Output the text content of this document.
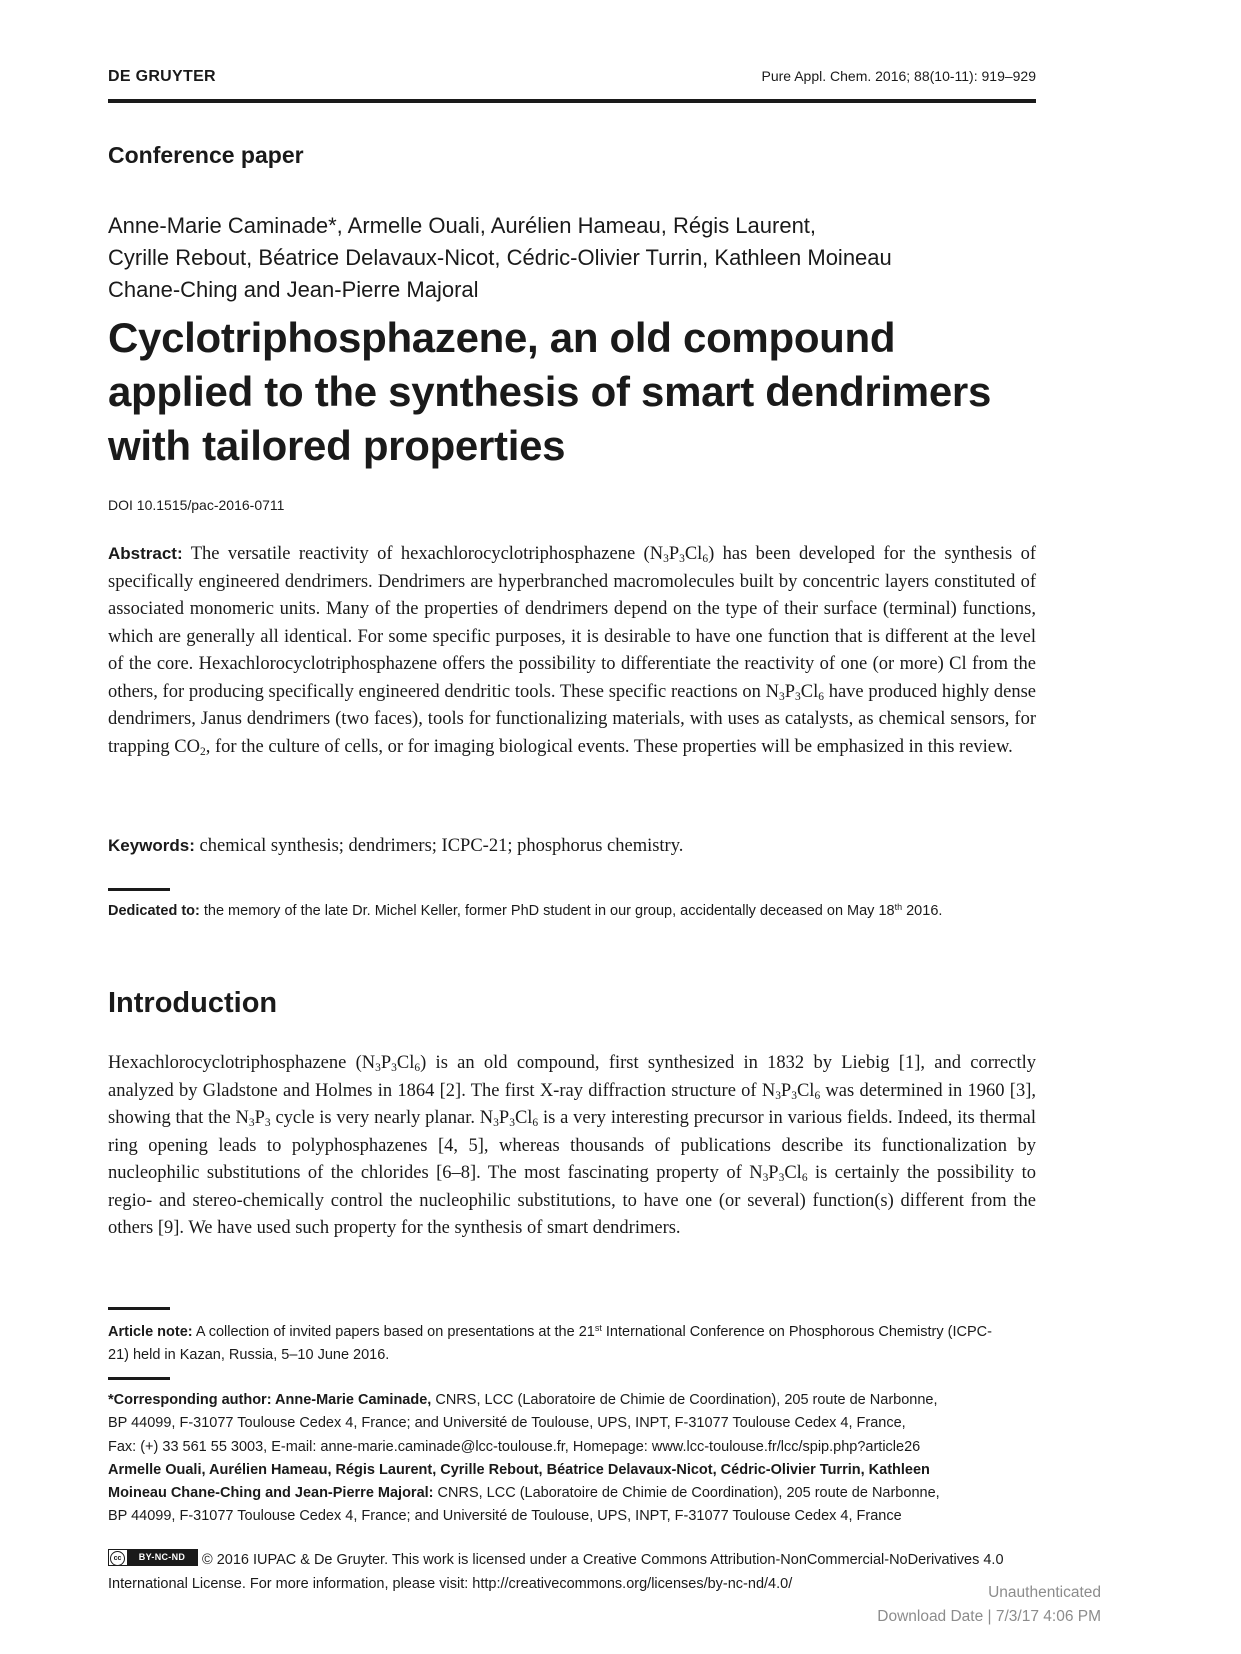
DE GRUYTER	Pure Appl. Chem. 2016; 88(10-11): 919–929
Conference paper
Anne-Marie Caminade*, Armelle Ouali, Aurélien Hameau, Régis Laurent,
Cyrille Rebout, Béatrice Delavaux-Nicot, Cédric-Olivier Turrin, Kathleen Moineau
Chane-Ching and Jean-Pierre Majoral
Cyclotriphosphazene, an old compound
applied to the synthesis of smart dendrimers
with tailored properties
DOI 10.1515/pac-2016-0711
Abstract: The versatile reactivity of hexachlorocyclotriphosphazene $(N_3P_3Cl_6)$ has been developed for the synthesis of specifically engineered dendrimers. Dendrimers are hyperbranched macromolecules built by concentric layers constituted of associated monomeric units. Many of the properties of dendrimers depend on the type of their surface (terminal) functions, which are generally all identical. For some specific purposes, it is desirable to have one function that is different at the level of the core. Hexachlorocyclotriphosphazene offers the possibility to differentiate the reactivity of one (or more) Cl from the others, for producing specifically engineered dendritic tools. These specific reactions on $N_3P_3Cl_6$ have produced highly dense dendrimers, Janus dendrimers (two faces), tools for functionalizing materials, with uses as catalysts, as chemical sensors, for trapping $CO_2$, for the culture of cells, or for imaging biological events. These properties will be emphasized in this review.
Keywords: chemical synthesis; dendrimers; ICPC-21; phosphorus chemistry.
Dedicated to: the memory of the late Dr. Michel Keller, former PhD student in our group, accidentally deceased on May 18th 2016.
Introduction
Hexachlorocyclotriphosphazene $(N_3P_3Cl_6)$ is an old compound, first synthesized in 1832 by Liebig [1], and correctly analyzed by Gladstone and Holmes in 1864 [2]. The first X-ray diffraction structure of $N_3P_3Cl_6$ was determined in 1960 [3], showing that the $N_3P_3$ cycle is very nearly planar. $N_3P_3Cl_6$ is a very interesting precursor in various fields. Indeed, its thermal ring opening leads to polyphosphazenes [4, 5], whereas thousands of publications describe its functionalization by nucleophilic substitutions of the chlorides [6–8]. The most fascinating property of $N_3P_3Cl_6$ is certainly the possibility to regio- and stereo-chemically control the nucleophilic substitutions, to have one (or several) function(s) different from the others [9]. We have used such property for the synthesis of smart dendrimers.
Article note: A collection of invited papers based on presentations at the 21st International Conference on Phosphorous Chemistry (ICPC-21) held in Kazan, Russia, 5–10 June 2016.
*Corresponding author: Anne-Marie Caminade, CNRS, LCC (Laboratoire de Chimie de Coordination), 205 route de Narbonne,
BP 44099, F-31077 Toulouse Cedex 4, France; and Université de Toulouse, UPS, INPT, F-31077 Toulouse Cedex 4, France,
Fax: (+) 33 561 55 3003, E-mail: anne-marie.caminade@lcc-toulouse.fr, Homepage: www.lcc-toulouse.fr/lcc/spip.php?article26
Armelle Ouali, Aurélien Hameau, Régis Laurent, Cyrille Rebout, Béatrice Delavaux-Nicot, Cédric-Olivier Turrin, Kathleen
Moineau Chane-Ching and Jean-Pierre Majoral: CNRS, LCC (Laboratoire de Chimie de Coordination), 205 route de Narbonne,
BP 44099, F-31077 Toulouse Cedex 4, France; and Université de Toulouse, UPS, INPT, F-31077 Toulouse Cedex 4, France
cc	BY-NC-ND	© 2016 IUPAC & De Gruyter. This work is licensed under a Creative Commons Attribution-NonCommercial-NoDerivatives 4.0 International License. For more information, please visit: http://creativecommons.org/licenses/by-nc-nd/4.0/	Unauthenticated
Download Date | 7/3/17 4:06 PM
